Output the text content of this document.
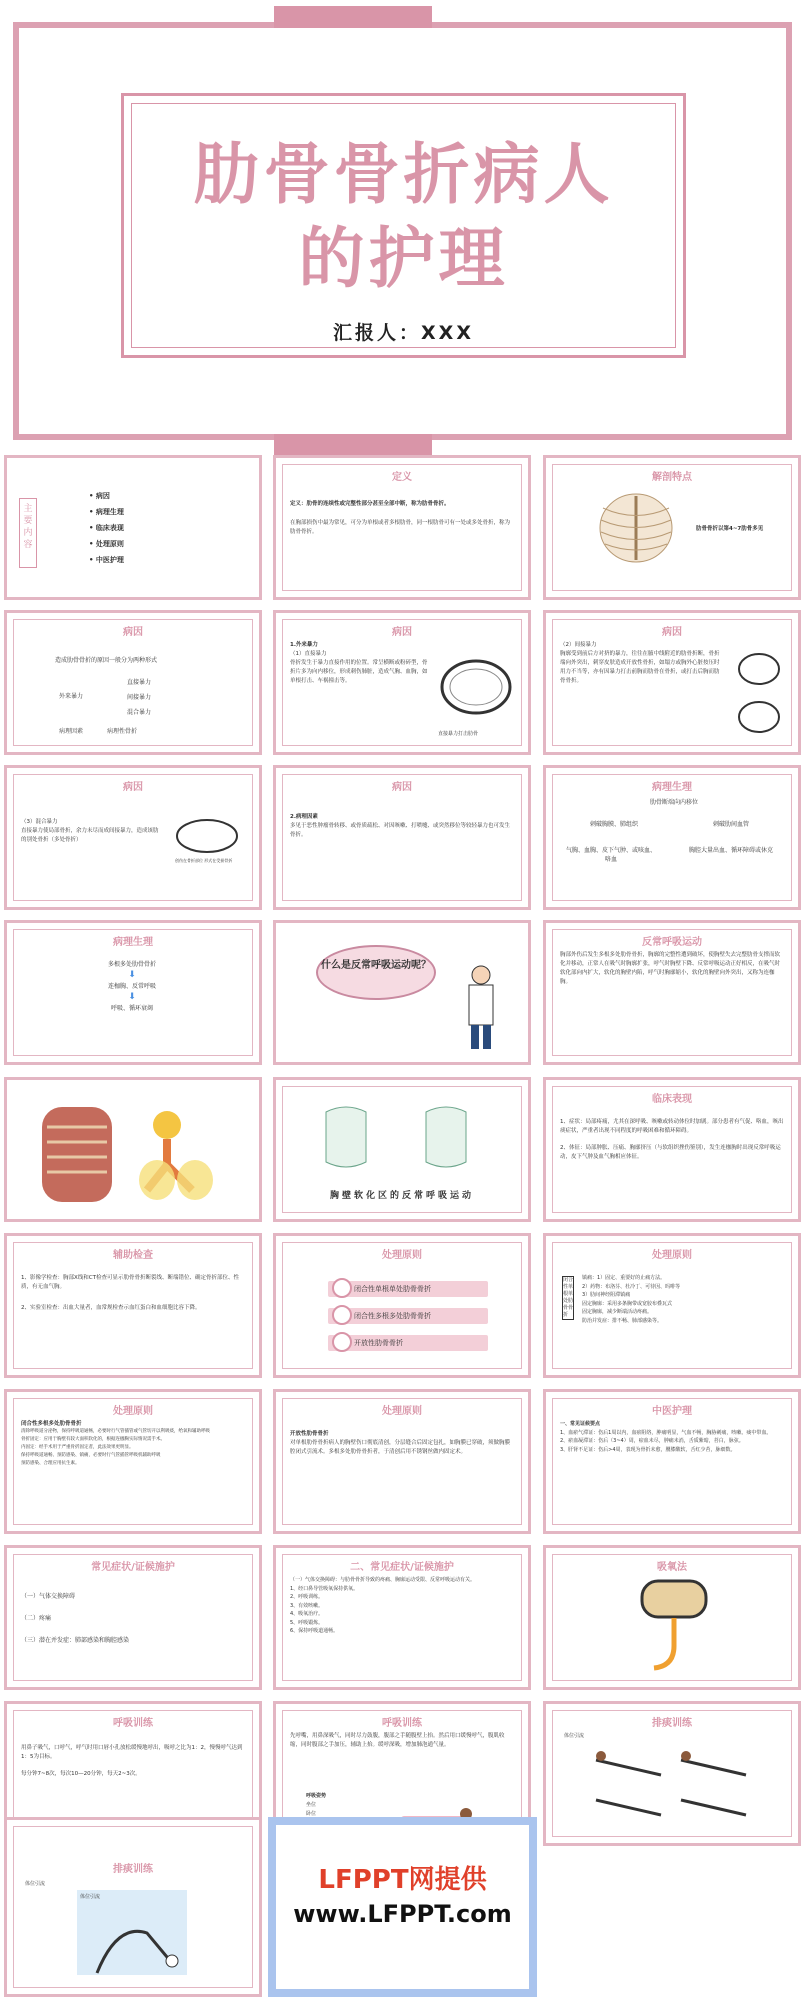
肋骨骨折病人
的护理
汇报人：XXX
主要内容
• 病因
• 病理生理
• 临床表现
• 处理原则
• 中医护理
定义
定义：肋骨的连续性或完整性部分甚至全部中断，称为肋骨骨折。
在胸部损伤中最为常见，可分为单根或者多根肋骨，同一根肋骨可有一处或多处骨折，称为肋骨骨折。
解剖特点
肋骨骨折以第4~7肋骨多见
病因
造成肋骨骨折的原因一般分为两种形式
外来暴力
直接暴力
间接暴力
混合暴力
病理因素	病理性骨折
病因
1.外来暴力
（1）直接暴力
骨折发生于暴力直接作用的位置。常呈横断或粉碎型，骨折片多为向内移位，形成刺伤肺脏，造成气胸、血胸，如单根打击、车祸撞击等。
直接暴力打击肋骨
病因
（2）间接暴力
胸廓受到前后方对挤的暴力，往往在腋中线附近的肋骨折断，骨折端向外突出，刺穿皮肤造成开放性骨折，如塌方或胸外心脏按压时用力不当等，亦有因暴力打击前胸而肋骨在骨折，或打击后胸而肋骨骨折。
病因
（3）混合暴力
直接暴力使局部骨折，余力未尽而成间接暴力，造成该肋的别处骨折（多处骨折）
创伤在骨折部位 形式在受损骨折
病因
2.病理因素
多见于恶性肿瘤骨转移、或骨质疏松、对因咳嗽、打喷嚏、或突然移位等较轻暴力也可发生骨折。
病理生理
肋骨断端向内移位
刺破胸膜、肺组织	刺破肋间血管
气胸、血胸、皮下气肿、或咳血、咯血
胸腔大量出血、循环障碍或休克
病理生理
多根多处肋骨骨折
⬇
连枷胸、反常呼吸
⬇
呼吸、循环衰竭
什么是反常呼吸运动呢？
反常呼吸运动
胸部外伤后发生多根多处肋骨骨折，胸廓的完整性遭到破坏，使胸壁失去完整肋骨支撑而软化并移动，正常人在吸气时胸廓扩张，呼气时胸壁下降、反常呼吸运动正好相反，在吸气时软化部向内扩大，软化的胸壁内陷，呼气时胸廓缩小，软化的胸壁向外突出，又称为连枷胸。
胸壁软化区的反常呼吸运动
临床表现
1、症状：局部疼痛，尤其在深呼吸、咳嗽或转动体位时加剧。部分患者有气促、咯血，咳出痰症状，严重者出现不同程度的呼吸困难和循环障碍。
2、体征：局部肿胀、压痛、胸廓挤压（与软组织挫伤鉴别），发生连枷胸时出现反常呼吸运动，皮下气肿及血气胸相应体征。
辅助检查
1、影像学检查：胸部X线和CT检查可显示肋骨骨折断裂线、断端错位、确定骨折部位、性质，有无血气胸。
2、实验室检查：出血大量者，血常规检查示血红蛋白和血细胞比容下降。
处理原则
闭合性单根单处肋骨骨折
闭合性多根多处肋骨骨折
开放性肋骨骨折
处理原则
闭合性单根单处肋骨骨折
镇痛：1）固定、重要好的止痛方法。
2）药物：布洛芬、杜冷丁、可待因、吗啡等
3）肋间神经阻滞镇痛
固定胸廓：采用多条胸带或宽胶布叠瓦式
固定胸廓，减少断端活动疼痛。
防治并发症：排不畅、肺部感染等。
处理原则
闭合性多根多处肋骨骨折
清除呼吸道分泌物，保持呼吸道通畅，必要时行气管插管或气管切开以利吸痰，给氧和辅助呼吸
骨折固定：应用于胸壁有较大面积软化的，根据连枷胸实际情况需手术。
内固定：经手术用于严重骨折固定者，此法效果更明显。
保持呼吸道通畅、预防感染、镇痛，必要时行气管插管呼吸机辅助呼吸
预防感染、合理应用抗生素。
处理原则
开放性肋骨骨折
对单根肋骨骨折病人的胸壁伤口彻底清创，分层缝合后固定包扎，如胸膜已穿破，须做胸膜腔闭式引流术。多根多处肋骨骨折者，于清创后用不锈钢丝做内固定术。
中医护理
一、常见证候要点
1、血瘀气滞证：伤后1周以内，血瘀阻络，肿痛明显，气血不畅，胸胁刺痛，咳嗽、痰中带血。
2、瘀血凝滞证：伤后（3~4）周，瘀血未尽，肿痛未消，舌质紫暗，苔白，脉弦。
3、肝肾不足证：伤后>4周，表现为骨折未愈，腰膝酸软，舌红少苔，脉细数。
常见症状/证候施护
（一）气体交换障碍
（二）疼痛
（三）潜在并发症：肺部感染和胸腔感染
二、常见症状/证候施护
（一）气体交换障碍：与肋骨骨折导致的疼痛、胸廓运动受限、反常呼吸运动有关。
1、经口鼻导管吸氧保持供氧。
2、呼吸训练。
3、有效咳嗽。
4、吸氧治疗。
5、呼吸锻炼。
6、保持呼吸道通畅。
吸氧法
呼吸训练
用鼻子吸气，口呼气，呼气时用口唇小孔放松缓慢地呼出，吸呼之比为1：2，慢慢呼气达到1：5为目标。
每分钟7~8次，每次10—20分钟，每天2~3次。
呼吸训练
先呼嘴，用鼻深吸气，同时尽力鼓腹，腹部之手随腹壁上抬。然后用口缓慢呼气，腹肌收缩，同时腹部之手加压，辅助上抬。缓呼深吸，增加肺泡通气量。
呼吸姿势
坐位
卧位
排痰训练
体位引流
排痰训练
体位引流
体位引流
LFPPT网提供
www.LFPPT.com
